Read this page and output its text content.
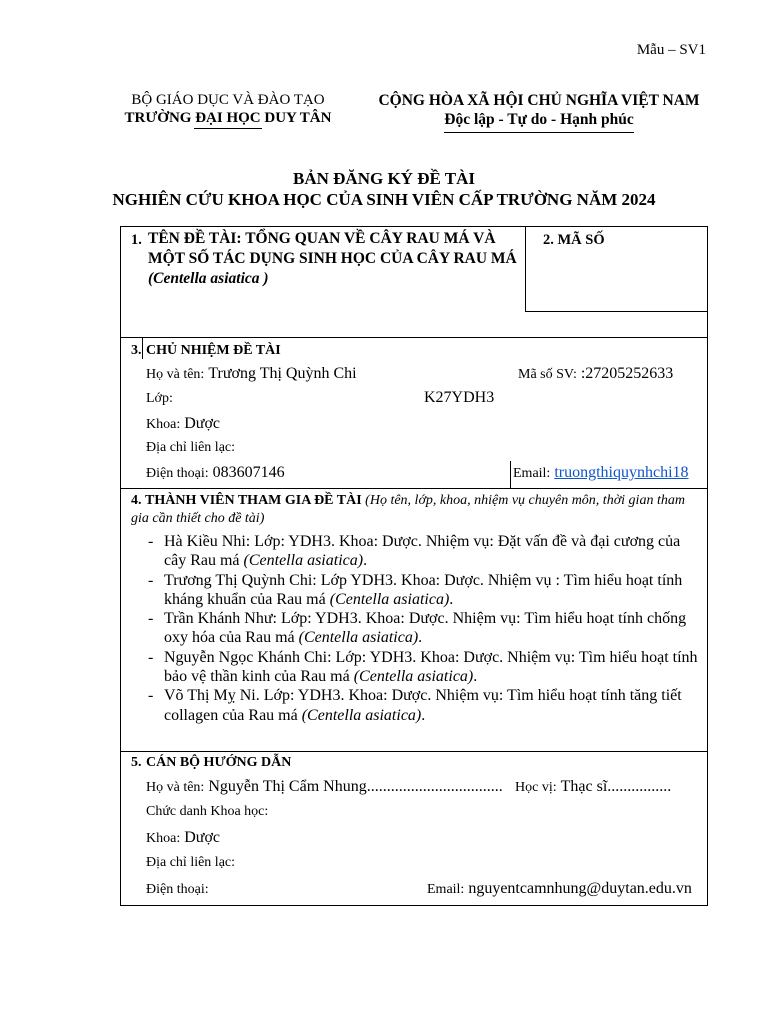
Mẫu – SV1
BỘ GIÁO DỤC VÀ ĐÀO TẠO
TRƯỜNG ĐẠI HỌC DUY TÂN
CỘNG HÒA XÃ HỘI CHỦ NGHĨA VIỆT NAM
Độc lập - Tự do - Hạnh phúc
BẢN ĐĂNG KÝ ĐỀ TÀI
NGHIÊN CỨU KHOA HỌC CỦA SINH VIÊN CẤP TRƯỜNG NĂM 2024
1. TÊN ĐỀ TÀI: TỔNG QUAN VỀ CÂY RAU MÁ VÀ MỘT SỐ TÁC DỤNG SINH HỌC CỦA CÂY RAU MÁ (Centella asiatica )
2. MÃ SỐ
3. CHỦ NHIỆM ĐỀ TÀI
Họ và tên: Trương Thị Quỳnh Chi	Mã số SV: :27205252633
Lớp:	K27YDH3
Khoa: Dược
Địa chỉ liên lạc:
Điện thoại: 083607146	Email: truongthiquynhchi18
4. THÀNH VIÊN THAM GIA ĐỀ TÀI (Họ tên, lớp, khoa, nhiệm vụ chuyên môn, thời gian tham gia cần thiết cho đề tài)
- Hà Kiều Nhi: Lớp: YDH3. Khoa: Dược. Nhiệm vụ: Đặt vấn đề và đại cương của cây Rau má (Centella asiatica).
- Trương Thị Quỳnh Chi: Lớp YDH3. Khoa: Dược. Nhiệm vụ : Tìm hiểu hoạt tính kháng khuẩn của Rau má (Centella asiatica).
- Trần Khánh Như: Lớp: YDH3. Khoa: Dược. Nhiệm vụ: Tìm hiểu hoạt tính chống oxy hóa của Rau má (Centella asiatica).
- Nguyễn Ngọc Khánh Chi: Lớp: YDH3. Khoa: Dược. Nhiệm vụ: Tìm hiểu hoạt tính bảo vệ thần kinh của Rau má (Centella asiatica).
- Võ Thị Mỵ Ni. Lớp: YDH3. Khoa: Dược. Nhiệm vụ: Tìm hiểu hoạt tính tăng tiết collagen của Rau má (Centella asiatica).
5. CÁN BỘ HƯỚNG DẪN
Họ và tên: Nguyễn Thị Cẩm Nhung.................................. Học vị: Thạc sĩ................
Chức danh Khoa học:
Khoa: Dược
Địa chỉ liên lạc:
Điện thoại:	Email: nguyentcamnhung@duytan.edu.vn
